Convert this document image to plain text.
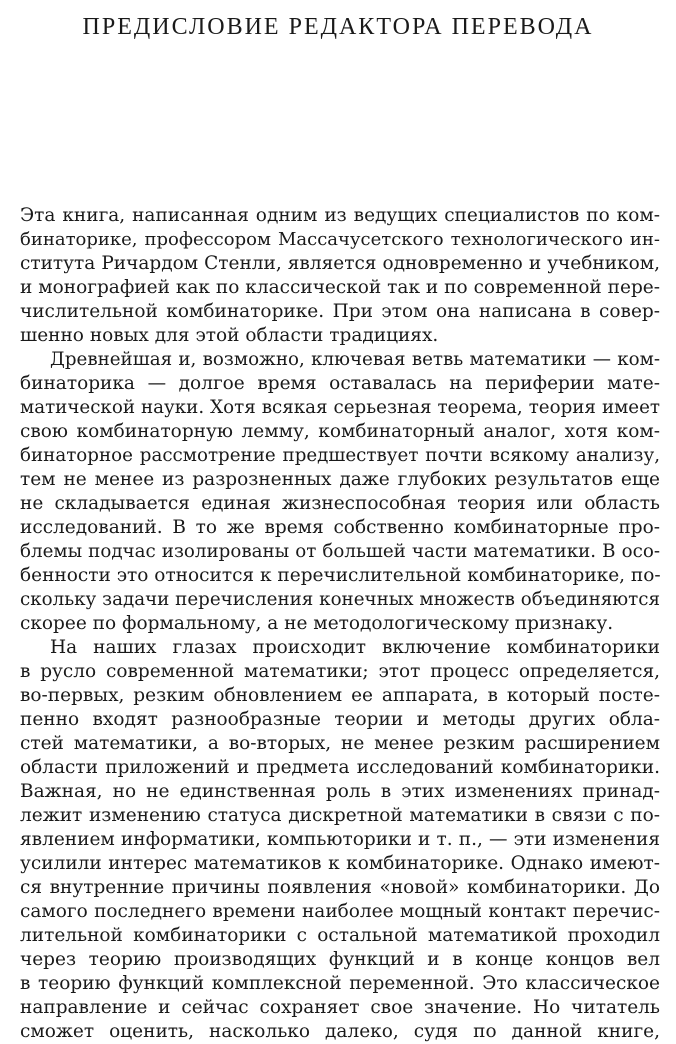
ПРЕДИСЛОВИЕ РЕДАКТОРА ПЕРЕВОДА
Эта книга, написанная одним из ведущих специалистов по ком-
бинаторике, профессором Массачусетского технологического ин-
ститута Ричардом Стенли, является одновременно и учебником,
и монографией как по классической так и по современной пере-
числительной комбинаторике. При этом она написана в совер-
шенно новых для этой области традициях.
Древнейшая и, возможно, ключевая ветвь математики — ком-
бинаторика — долгое время оставалась на периферии мате-
матической науки. Хотя всякая серьезная теорема, теория имеет
свою комбинаторную лемму, комбинаторный аналог, хотя ком-
бинаторное рассмотрение предшествует почти всякому анализу,
тем не менее из разрозненных даже глубоких результатов еще
не складывается единая жизнеспособная теория или область
исследований. В то же время собственно комбинаторные про-
блемы подчас изолированы от большей части математики. В осо-
бенности это относится к перечислительной комбинаторике, по-
скольку задачи перечисления конечных множеств объединяются
скорее по формальному, а не методологическому признаку.
На наших глазах происходит включение комбинаторики
в русло современной математики; этот процесс определяется,
во-первых, резким обновлением ее аппарата, в который посте-
пенно входят разнообразные теории и методы других обла-
стей математики, а во-вторых, не менее резким расширением
области приложений и предмета исследований комбинаторики.
Важная, но не единственная роль в этих изменениях принад-
лежит изменению статуса дискретной математики в связи с по-
явлением информатики, компьюторики и т. п., — эти изменения
усилили интерес математиков к комбинаторике. Однако имеют-
ся внутренние причины появления «новой» комбинаторики. До
самого последнего времени наиболее мощный контакт перечис-
лительной комбинаторики с остальной математикой проходил
через теорию производящих функций и в конце концов вел
в теорию функций комплексной переменной. Это классическое
направление и сейчас сохраняет свое значение. Но читатель
сможет оценить, насколько далеко, судя по данной книге,
